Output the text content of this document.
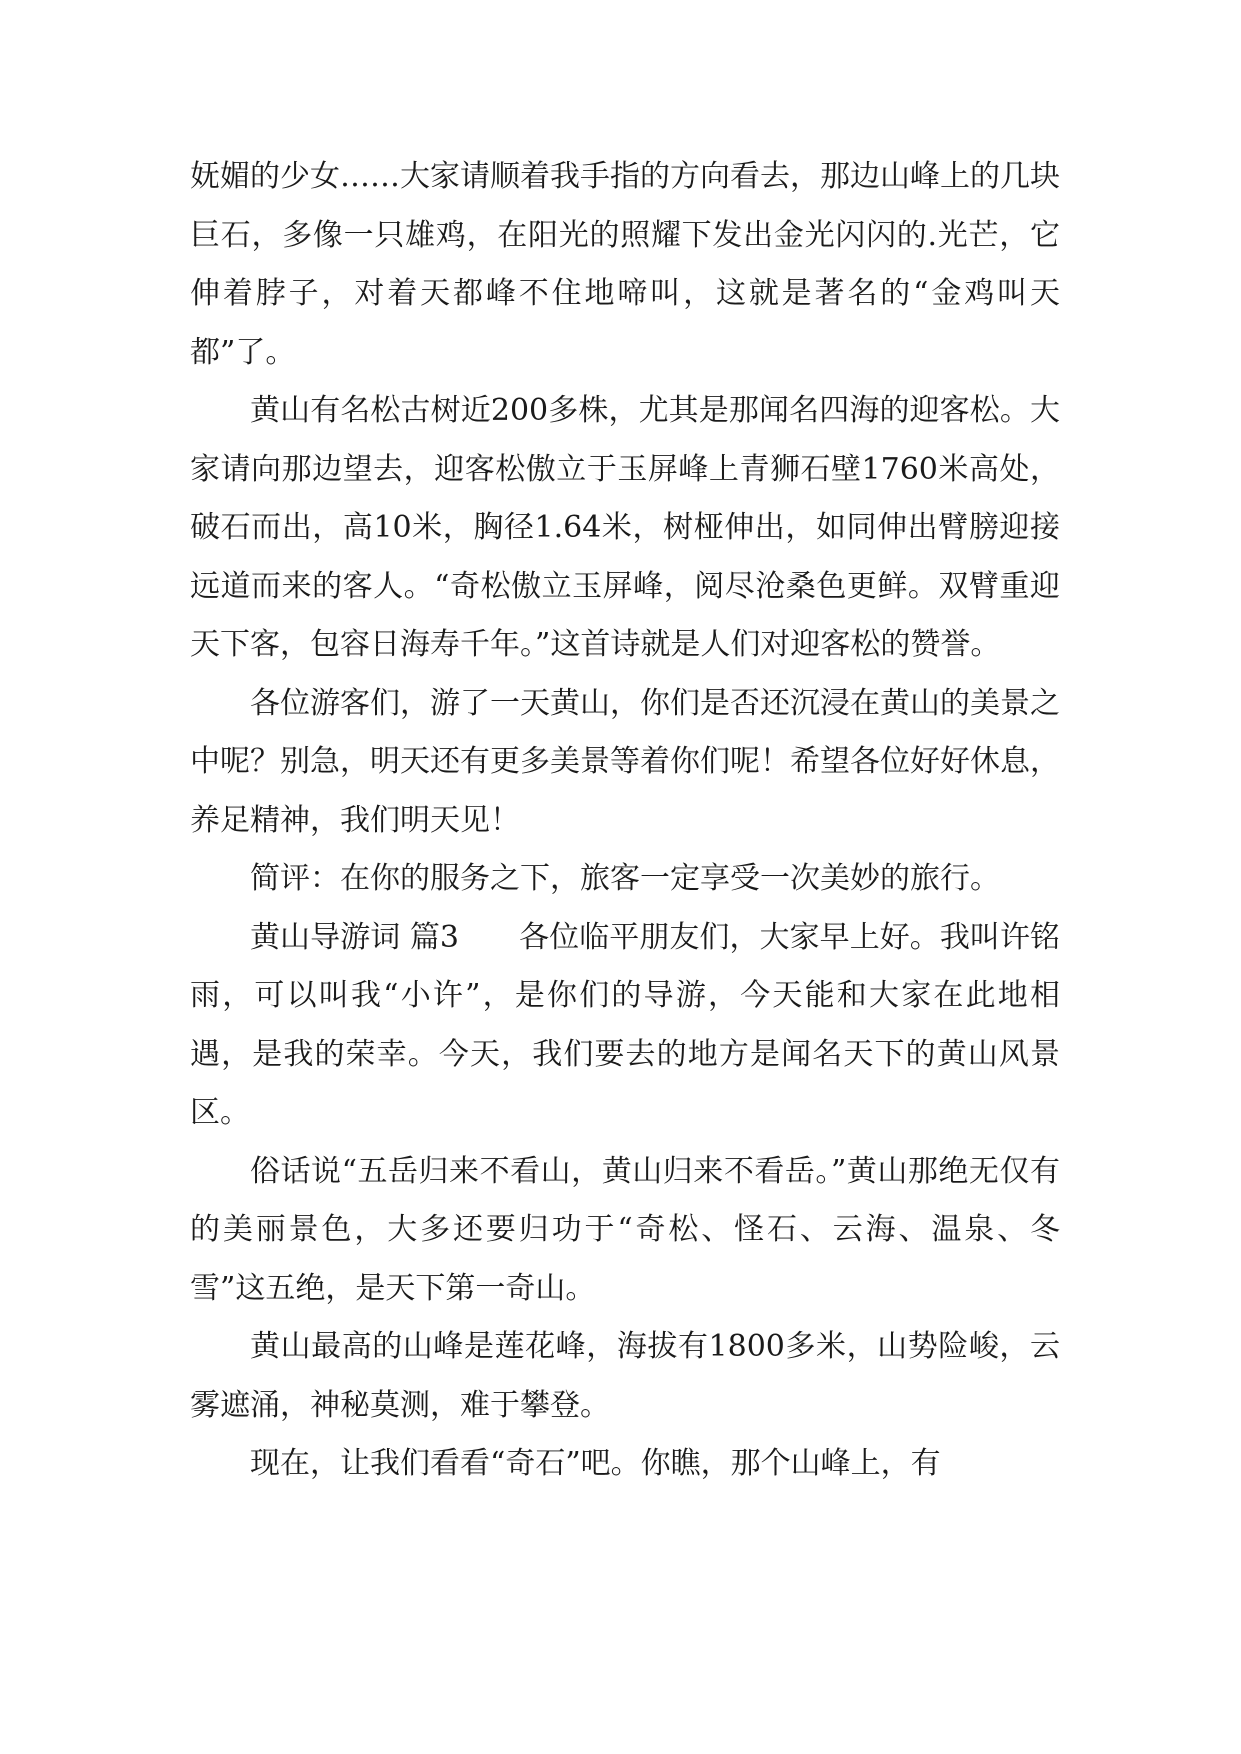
妩媚的少女……大家请顺着我手指的方向看去，那边山峰上的几块巨石，多像一只雄鸡，在阳光的照耀下发出金光闪闪的.光芒，它伸着脖子，对着天都峰不住地啼叫，这就是著名的“金鸡叫天都”了。

黄山有名松古树近200多株，尤其是那闻名四海的迎客松。大家请向那边望去，迎客松傲立于玉屏峰上青狮石壁1760米高处，破石而出，高10米，胸径1.64米，树桠伸出，如同伸出臂膀迎接远道而来的客人。“奇松傲立玉屏峰，阅尽沧桑色更鲜。双臂重迎天下客，包容日海寿千年。”这首诗就是人们对迎客松的赞誉。

各位游客们，游了一天黄山，你们是否还沉浸在黄山的美景之中呢？别急，明天还有更多美景等着你们呢！希望各位好好休息，养足精神，我们明天见！

简评：在你的服务之下，旅客一定享受一次美妙的旅行。

黄山导游词 篇3　　各位临平朋友们，大家早上好。我叫许铭雨，可以叫我“小许”，是你们的导游，今天能和大家在此地相遇，是我的荣幸。今天，我们要去的地方是闻名天下的黄山风景区。

俗话说“五岳归来不看山，黄山归来不看岳。”黄山那绝无仅有的美丽景色，大多还要归功于“奇松、怪石、云海、温泉、冬雪”这五绝，是天下第一奇山。

黄山最高的山峰是莲花峰，海拔有1800多米，山势险峻，云雾遮涌，神秘莫测，难于攀登。

现在，让我们看看“奇石”吧。你瞧，那个山峰上，有
